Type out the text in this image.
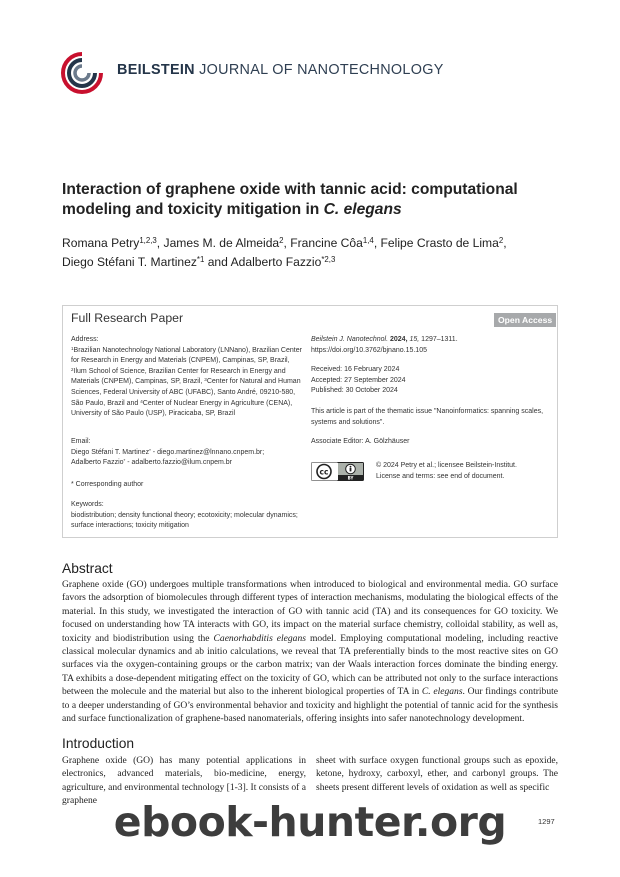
BEILSTEIN JOURNAL OF NANOTECHNOLOGY
Interaction of graphene oxide with tannic acid: computational modeling and toxicity mitigation in C. elegans
Romana Petry$^{1,2,3}$, James M. de Almeida$^2$, Francine Côa$^{1,4}$, Felipe Crasto de Lima$^2$,
Diego Stéfani T. Martinez$^{*1}$ and Adalberto Fazzio$^{*2,3}$
Full Research Paper	Open Access
Address:
$^1$Brazilian Nanotechnology National Laboratory (LNNano), Brazilian Center for Research in Energy and Materials (CNPEM), Campinas, SP, Brazil, $^2$Ilum School of Science, Brazilian Center for Research in Energy and Materials (CNPEM), Campinas, SP, Brazil, $^3$Center for Natural and Human Sciences, Federal University of ABC (UFABC), Santo André, 09210-580, São Paulo, Brazil and $^4$Center of Nuclear Energy in Agriculture (CENA), University of São Paulo (USP), Piracicaba, SP, Brazil
Email:
Diego Stéfani T. Martinez* - diego.martinez@lnnano.cnpem.br;
Adalberto Fazzio* - adalberto.fazzio@ilum.cnpem.br
* Corresponding author
Keywords:
biodistribution; density functional theory; ecotoxicity; molecular dynamics; surface interactions; toxicity mitigation
Beilstein J. Nanotechnol. 2024, 15, 1297–1311.
https://doi.org/10.3762/bjnano.15.105
Received: 16 February 2024
Accepted: 27 September 2024
Published: 30 October 2024
This article is part of the thematic issue "Nanoinformatics: spanning scales, systems and solutions".
Associate Editor: A. Gölzhäuser
cc
BY
© 2024 Petry et al.; licensee Beilstein-Institut.
License and terms: see end of document.
Abstract
Graphene oxide (GO) undergoes multiple transformations when introduced to biological and environmental media. GO surface favors the adsorption of biomolecules through different types of interaction mechanisms, modulating the biological effects of the material. In this study, we investigated the interaction of GO with tannic acid (TA) and its consequences for GO toxicity. We focused on understanding how TA interacts with GO, its impact on the material surface chemistry, colloidal stability, as well as, toxicity and biodistribution using the Caenorhabditis elegans model. Employing computational modeling, including reactive classical molecular dynamics and ab initio calculations, we reveal that TA preferentially binds to the most reactive sites on GO surfaces via the oxygen-containing groups or the carbon matrix; van der Waals interaction forces dominate the binding energy. TA exhibits a dose-dependent mitigating effect on the toxicity of GO, which can be attributed not only to the surface interactions between the molecule and the material but also to the inherent biological properties of TA in C. elegans. Our findings contribute to a deeper understanding of GO’s environmental behavior and toxicity and highlight the potential of tannic acid for the synthesis and surface functionalization of graphene-based nanomaterials, offering insights into safer nanotechnology development.
Introduction
Graphene oxide (GO) has many potential applications in electronics, advanced materials, bio-medicine, energy, agriculture, and environmental technology [1-3]. It consists of a graphene
sheet with surface oxygen functional groups such as epoxide, ketone, hydroxy, carboxyl, ether, and carbonyl groups. The sheets present different levels of oxidation as well as specific
1297
ebook-hunter.org
